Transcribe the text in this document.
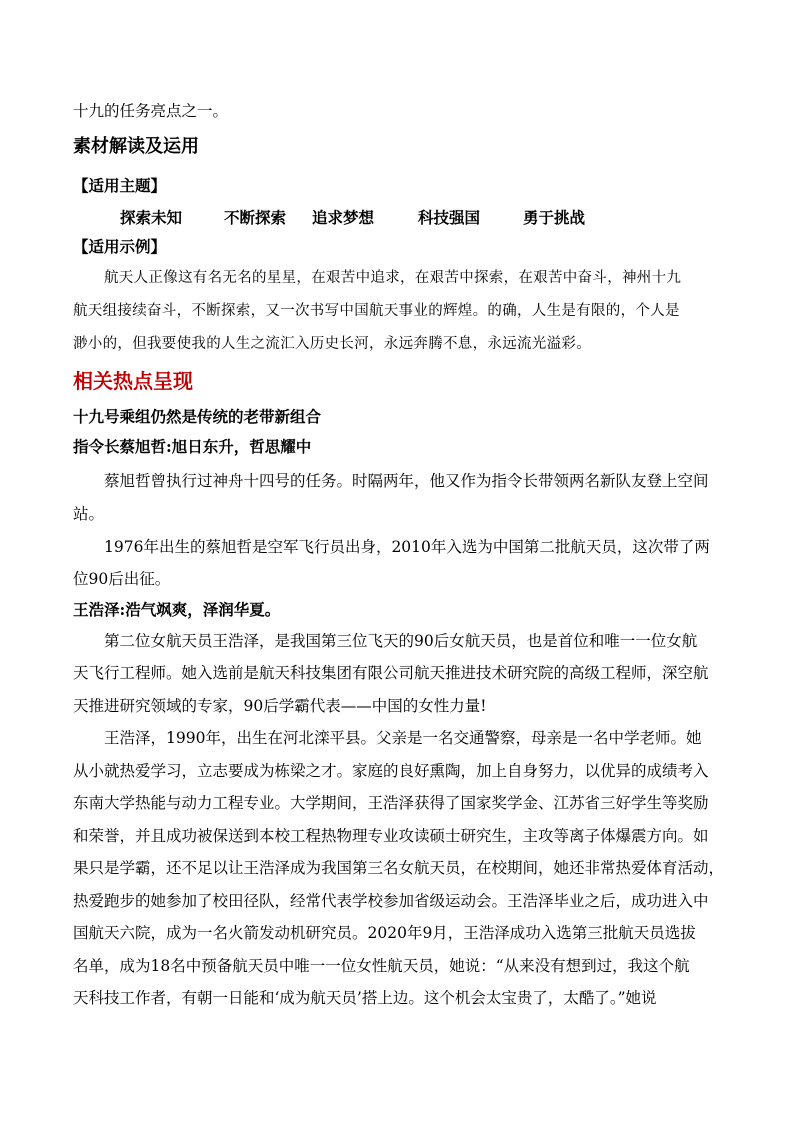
十九的任务亮点之一。
素材解读及运用
【适用主题】
探索未知	不断探索 追求梦想	科技强国	勇于挑战
【适用示例】
航天人正像这有名无名的星星，在艰苦中追求，在艰苦中探索，在艰苦中奋斗，神州十九
航天组接续奋斗，不断探索，又一次书写中国航天事业的辉煌。的确，人生是有限的，个人是
渺小的，但我要使我的人生之流汇入历史长河，永远奔腾不息，永远流光溢彩。
相关热点呈现
十九号乘组仍然是传统的老带新组合
指令长蔡旭哲:旭日东升，哲思耀中
蔡旭哲曾执行过神舟十四号的任务。时隔两年，他又作为指令长带领两名新队友登上空间
站。
1976年出生的蔡旭哲是空军飞行员出身，2010年入选为中国第二批航天员，这次带了两
位90后出征。
王浩泽:浩气飒爽，泽润华夏。
第二位女航天员王浩泽，是我国第三位飞天的90后女航天员，也是首位和唯一一位女航
天飞行工程师。她入选前是航天科技集团有限公司航天推进技术研究院的高级工程师，深空航
天推进研究领域的专家，90后学霸代表——中国的女性力量!
王浩泽，1990年，出生在河北滦平县。父亲是一名交通警察，母亲是一名中学老师。她
从小就热爱学习，立志要成为栋梁之才。家庭的良好熏陶，加上自身努力，以优异的成绩考入
东南大学热能与动力工程专业。大学期间，王浩泽获得了国家奖学金、江苏省三好学生等奖励
和荣誉，并且成功被保送到本校工程热物理专业攻读硕士研究生，主攻等离子体爆震方向。如
果只是学霸，还不足以让王浩泽成为我国第三名女航天员，在校期间，她还非常热爱体育活动，
热爱跑步的她参加了校田径队，经常代表学校参加省级运动会。王浩泽毕业之后，成功进入中
国航天六院，成为一名火箭发动机研究员。2020年9月，王浩泽成功入选第三批航天员选拔
名单，成为18名中预备航天员中唯一一位女性航天员，她说：“从来没有想到过，我这个航
天科技工作者，有朝一日能和‘成为航天员’搭上边。这个机会太宝贵了，太酷了。”她说
